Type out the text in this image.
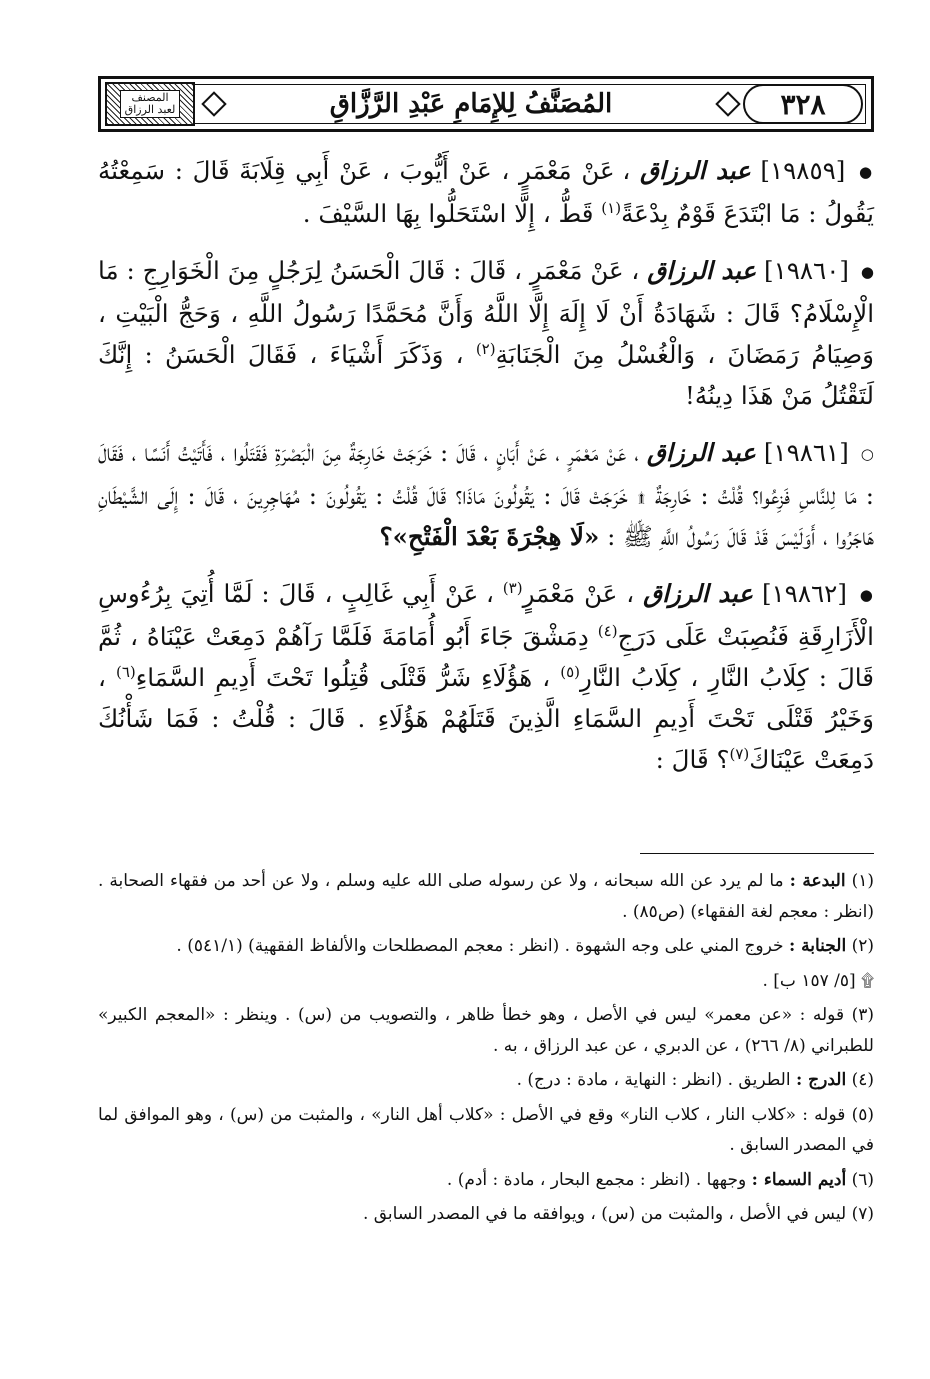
المصنف
لعبد الرزاق	المُصَنَّفُ لِلإِمَامِ عَبْدِ الرَّزَّاقِ	٣٢٨

● [١٩٨٥٩] عبد الرزاق ، عَنْ مَعْمَرٍ ، عَنْ أَيُّوبَ ، عَنْ أَبِي قِلَابَةَ قَالَ : سَمِعْتُهُ يَقُولُ : مَا ابْتَدَعَ قَوْمٌ بِدْعَةً$^{(١)}$ قَطُّ ، إِلَّا اسْتَحَلُّوا بِهَا السَّيْفَ .

● [١٩٨٦٠] عبد الرزاق ، عَنْ مَعْمَرٍ ، قَالَ : قَالَ الْحَسَنُ لِرَجُلٍ مِنَ الْخَوَارِجِ : مَا الْإِسْلَامُ؟ قَالَ : شَهَادَةُ أَنْ لَا إِلَهَ إِلَّا اللَّهُ وَأَنَّ مُحَمَّدًا رَسُولُ اللَّهِ ، وَحَجُّ الْبَيْتِ ، وَصِيَامُ رَمَضَانَ ، وَالْغُسْلُ مِنَ الْجَنَابَةِ$^{(٢)}$ ، وَذَكَرَ أَشْيَاءَ ، فَقَالَ الْحَسَنُ : إِنَّكَ لَتَقْتُلُ مَنْ هَذَا دِينُهُ!

○ [١٩٨٦١] عبد الرزاق ، عَنْ مَعْمَرٍ ، عَنْ أَبَانٍ ، قَالَ : خَرَجَتْ خَارِجَةٌ مِنَ الْبَصْرَةِ فَقَتَلُوا ، فَأَتَيْتُ أَنَسًا ، فَقَالَ : مَا لِلنَّاسِ فَزِعُوا؟ قُلْتُ : خَارِجَةٌ ۩ خَرَجَتْ قَالَ : يَقُولُونَ مَاذَا؟ قَالَ قُلْتُ : يَقُولُونَ : مُهَاجِرِينَ ، قَالَ : إِلَى الشَّيْطَانِ هَاجَرُوا ، أَوَلَيْسَ قَدْ قَالَ رَسُولُ اللَّهِ ﷺ : «لَا هِجْرَةَ بَعْدَ الْفَتْحِ»؟

● [١٩٨٦٢] عبد الرزاق ، عَنْ مَعْمَرٍ$^{(٣)}$ ، عَنْ أَبِي غَالِبٍ ، قَالَ : لَمَّا أُتِيَ بِرُءُوسِ الْأَزَارِقَةِ فَنُصِبَتْ عَلَى دَرَجِ$^{(٤)}$ دِمَشْقَ جَاءَ أَبُو أُمَامَةَ فَلَمَّا رَآهُمْ دَمِعَتْ عَيْنَاهُ ، ثُمَّ قَالَ : كِلَابُ النَّارِ ، كِلَابُ النَّارِ$^{(٥)}$ ، هَؤُلَاءِ شَرُّ قَتْلَى قُتِلُوا تَحْتَ أَدِيمِ السَّمَاءِ$^{(٦)}$ ، وَخَيْرُ قَتْلَى تَحْتَ أَدِيمِ السَّمَاءِ الَّذِينَ قَتَلَهُمْ هَؤُلَاءِ . قَالَ : قُلْتُ : فَمَا شَأْنُكَ دَمِعَتْ عَيْنَاكَ$^{(٧)}$؟ قَالَ :

(١) البدعة : ما لم يرد عن الله سبحانه ، ولا عن رسوله صلى الله عليه وسلم ، ولا عن أحد من فقهاء الصحابة . (انظر : معجم لغة الفقهاء) (ص٨٥) .
(٢) الجنابة : خروج المني على وجه الشهوة . (انظر : معجم المصطلحات والألفاظ الفقهية) (٥٤١/١) .
۩ [٥/ ١٥٧ ب] .
(٣) قوله : «عن معمر» ليس في الأصل ، وهو خطأ ظاهر ، والتصويب من (س) . وينظر : «المعجم الكبير» للطبراني (٨/ ٢٦٦) ، عن الدبري ، عن عبد الرزاق ، به .
(٤) الدرج : الطريق . (انظر : النهاية ، مادة : درج) .
(٥) قوله : «كلاب النار ، كلاب النار» وقع في الأصل : «كلاب أهل النار» ، والمثبت من (س) ، وهو الموافق لما في المصدر السابق .
(٦) أديم السماء : وجهها . (انظر : مجمع البحار ، مادة : أدم) .
(٧) ليس في الأصل ، والمثبت من (س) ، ويوافقه ما في المصدر السابق .
